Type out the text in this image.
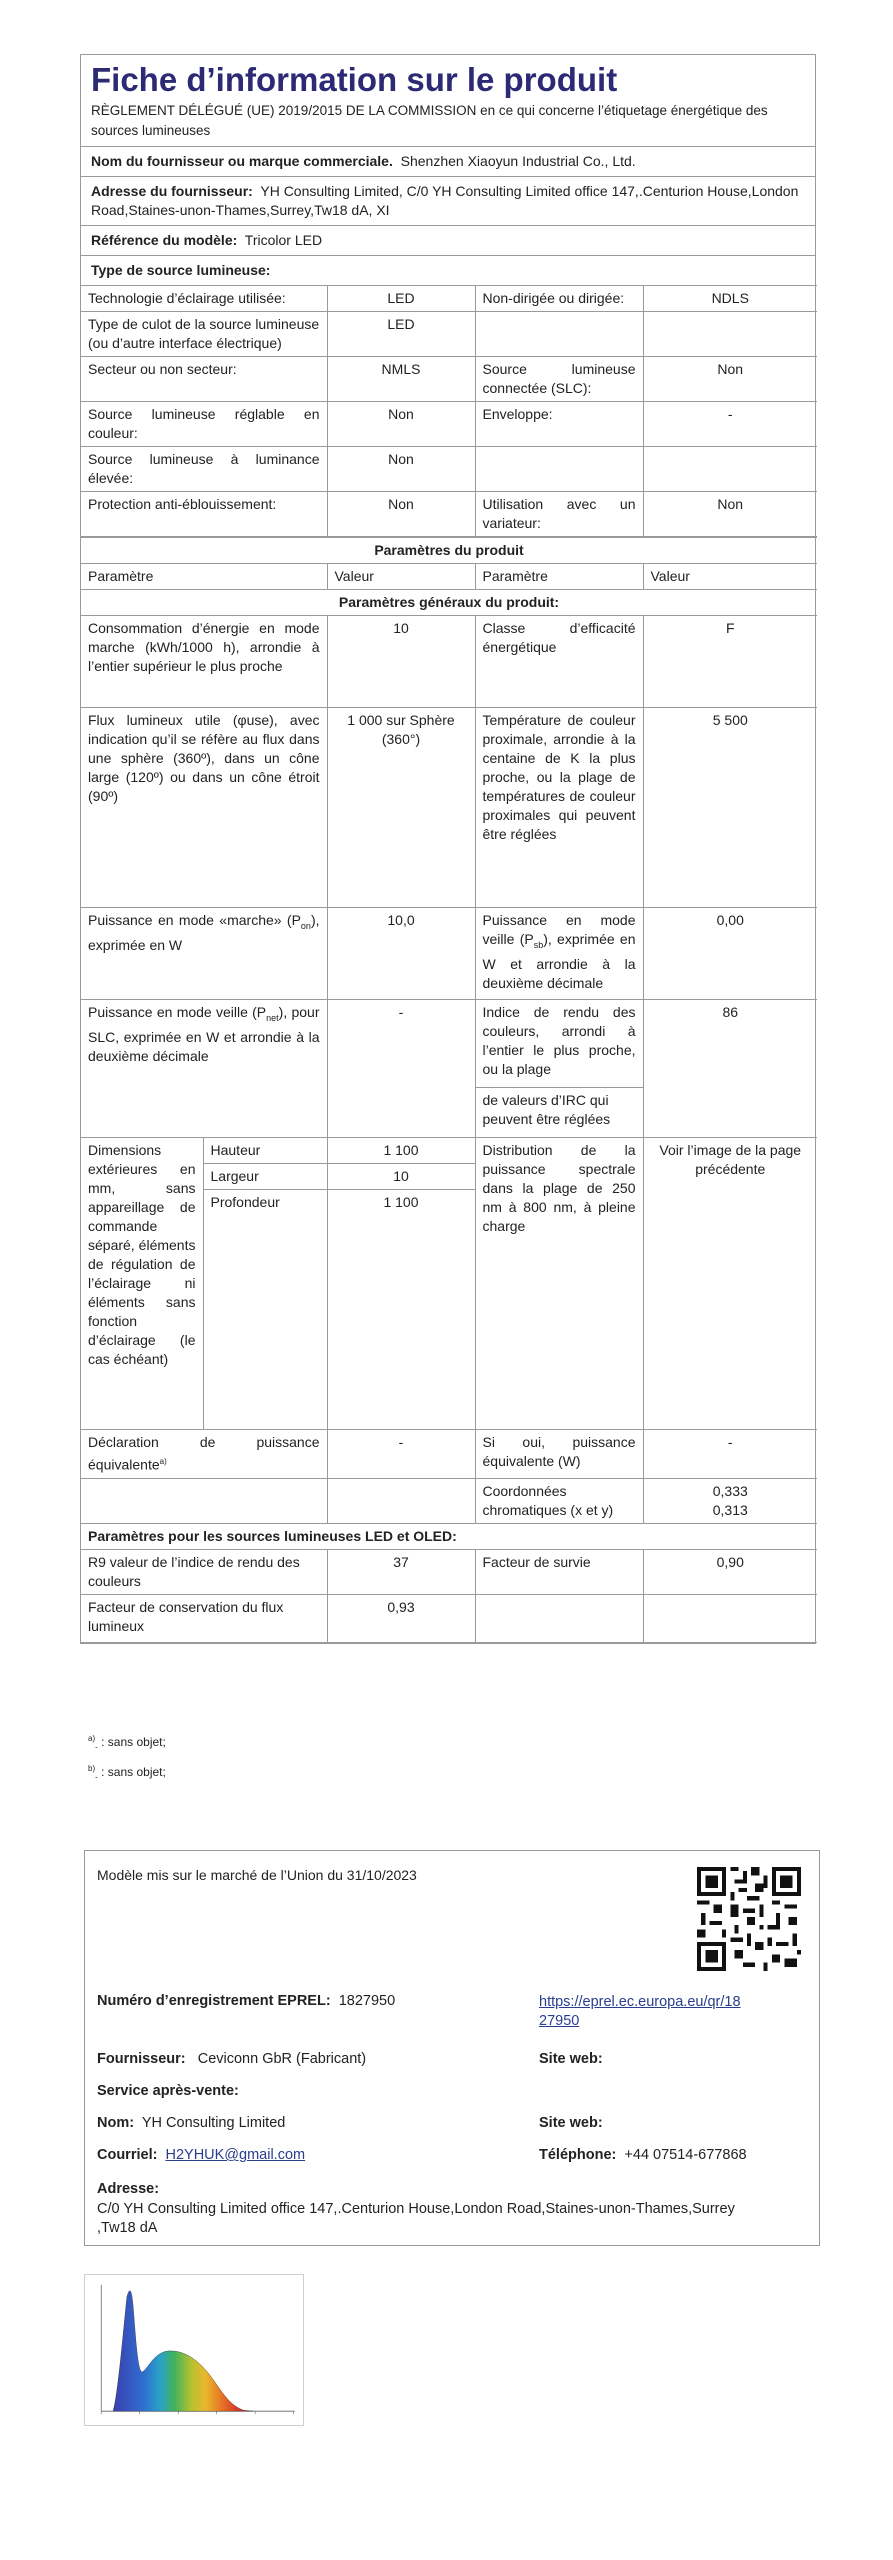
Fiche d’information sur le produit
RÈGLEMENT DÉLÉGUÉ (UE) 2019/2015 DE LA COMMISSION en ce qui concerne l’étiquetage énergétique des sources lumineuses
Nom du fournisseur ou marque commerciale. Shenzhen Xiaoyun Industrial Co., Ltd.
Adresse du fournisseur: YH Consulting Limited, C/0 YH Consulting Limited office 147,.Centurion House,London Road,Staines-unon-Thames,Surrey,Tw18 dA, XI
Référence du modèle: Tricolor LED
Type de source lumineuse:
Technologie d’éclairage utilisée:	LED	Non-dirigée ou dirigée:	NDLS

Type de culot de la source lumineuse
(ou d’autre interface électrique)	LED		
Secteur ou non secteur:	NMLS	Source lumineuse connectée (SLC):	Non
Source lumineuse réglable en couleur:	Non	Enveloppe:	-
Source lumineuse à luminance élevée:	Non		
Protection anti-éblouissement:	Non	Utilisation avec un variateur:	Non
Paramètres du produit				
Paramètre		Valeur	Paramètre	Valeur
Paramètres généraux du produit:				
Consommation d’énergie en mode marche (kWh/1000 h), arrondie à l’entier supérieur le plus proche		10	Classe d’efficacité énergétique	F
Flux lumineux utile (φuse), avec indication qu’il se réfère au flux dans une sphère (360º), dans un cône large (120º) ou dans un cône étroit (90º)		1 000 sur Sphère (360°)	Température de couleur proximale, arrondie à la centaine de K la plus proche, ou la plage de températures de couleur proximales qui peuvent être réglées	5 500
Puissance en mode «marche» $(P_{on})$, exprimée en W		10,0	Puissance en mode veille $(P_{sb})$, exprimée en W et arrondie à la deuxième décimale	0,00
Puissance en mode veille $(P_{net})$, pour SLC, exprimée en W et arrondie à la deuxième décimale		-	Indice de rendu des couleurs, arrondi à l’entier le plus proche, ou la plage	86
			de valeurs d’IRC qui peuvent être réglées	
Dimensions extérieures en mm, sans appareillage de commande séparé, éléments de régulation de l’éclairage ni éléments sans fonction d’éclairage (le cas échéant)	Hauteur	1 100	Distribution de la puissance spectrale dans la plage de 250 nm à 800 nm, à pleine charge	Voir l’image de la page précédente
	Largeur	10		
	Profondeur	1 100		
Déclaration de puissance équivalente$^{a)}$		-	Si oui, puissance équivalente (W)	-
			Coordonnées chromatiques (x et y)	0,333
0,313

Paramètres pour les sources lumineuses LED et OLED:				
R9 valeur de l’indice de rendu des couleurs		37	Facteur de survie	0,90
Facteur de conservation du flux lumineux		0,93		
$^{a)}_-$ : sans objet;
$^{b)}_-$ : sans objet;
Modèle mis sur le marché de l’Union du 31/10/2023
Numéro d’enregistrement EPREL: 1827950	https://eprel.ec.europa.eu/qr/18
27950
Fournisseur: Ceviconn GbR (Fabricant)	Site web:
Service après-vente:
Nom: YH Consulting Limited	Site web:
Courriel: H2YHUK@gmail.com	Téléphone: +44 07514-677868
Adresse:
C/0 YH Consulting Limited office 147,.Centurion House,London Road,Staines-unon-Thames,Surrey
,Tw18 dA
